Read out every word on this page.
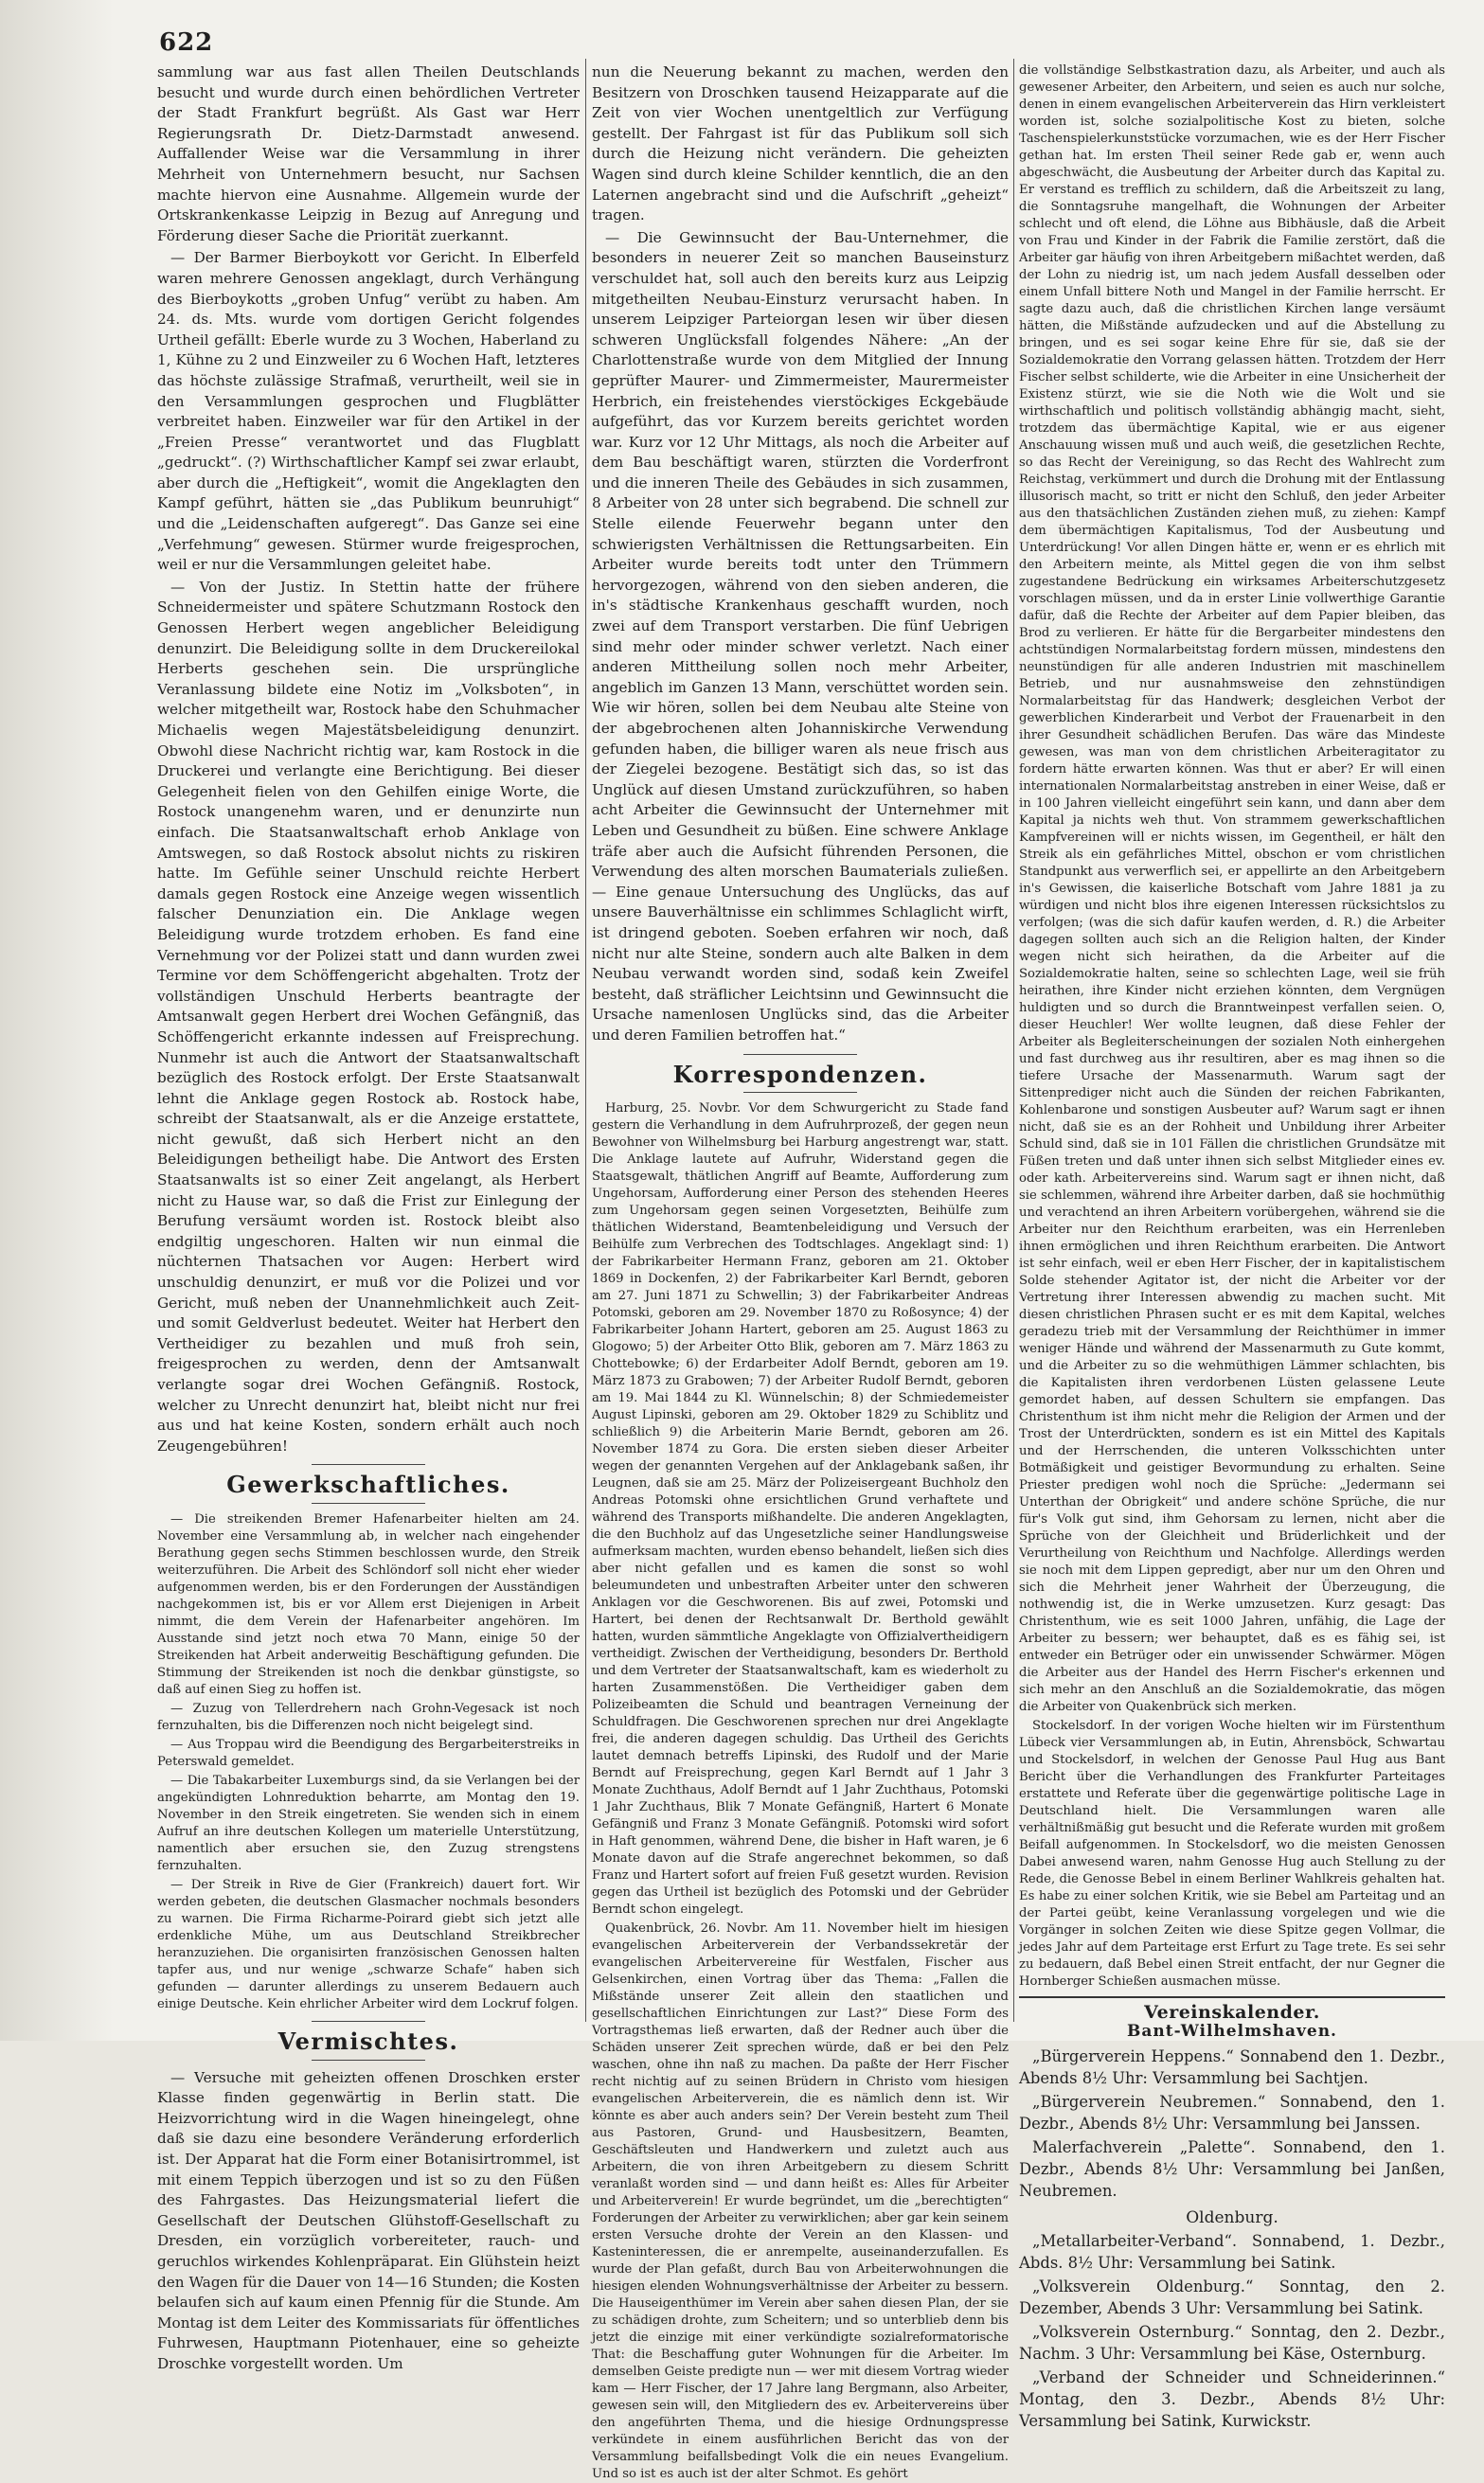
622

sammlung war aus fast allen Theilen Deutschlands besucht und wurde durch einen behördlichen Vertreter der Stadt Frankfurt begrüßt. Als Gast war Herr Regierungsrath Dr. Dietz-Darmstadt anwesend. Auffallender Weise war die Versammlung in ihrer Mehrheit von Unternehmern besucht, nur Sachsen machte hiervon eine Ausnahme. Allgemein wurde der Ortskrankenkasse Leipzig in Bezug auf Anregung und Förderung dieser Sache die Priorität zuerkannt.

— Der Barmer Bierboykott vor Gericht. In Elberfeld waren mehrere Genossen angeklagt, durch Verhängung des Bierboykotts „groben Unfug“ verübt zu haben. Am 24. ds. Mts. wurde vom dortigen Gericht folgendes Urtheil gefällt: Eberle wurde zu 3 Wochen, Haberland zu 1, Kühne zu 2 und Einzweiler zu 6 Wochen Haft, letzteres das höchste zulässige Strafmaß, verurtheilt, weil sie in den Versammlungen gesprochen und Flugblätter verbreitet haben. Einzweiler war für den Artikel in der „Freien Presse“ verantwortet und das Flugblatt „gedruckt“. (?) Wirthschaftlicher Kampf sei zwar erlaubt, aber durch die „Heftigkeit“, womit die Angeklagten den Kampf geführt, hätten sie „das Publikum beunruhigt“ und die „Leidenschaften aufgeregt“. Das Ganze sei eine „Verfehmung“ gewesen. Stürmer wurde freigesprochen, weil er nur die Versammlungen geleitet habe.

— Von der Justiz. In Stettin hatte der frühere Schneidermeister und spätere Schutzmann Rostock den Genossen Herbert wegen angeblicher Beleidigung denunzirt. Die Beleidigung sollte in dem Druckereilokal Herberts geschehen sein. Die ursprüngliche Veranlassung bildete eine Notiz im „Volksboten“, in welcher mitgetheilt war, Rostock habe den Schuhmacher Michaelis wegen Majestätsbeleidigung denunzirt. Obwohl diese Nachricht richtig war, kam Rostock in die Druckerei und verlangte eine Berichtigung. Bei dieser Gelegenheit fielen von den Gehilfen einige Worte, die Rostock unangenehm waren, und er denunzirte nun einfach. Die Staatsanwaltschaft erhob Anklage von Amtswegen, so daß Rostock absolut nichts zu riskiren hatte. Im Gefühle seiner Unschuld reichte Herbert damals gegen Rostock eine Anzeige wegen wissentlich falscher Denunziation ein. Die Anklage wegen Beleidigung wurde trotzdem erhoben. Es fand eine Vernehmung vor der Polizei statt und dann wurden zwei Termine vor dem Schöffengericht abgehalten. Trotz der vollständigen Unschuld Herberts beantragte der Amtsanwalt gegen Herbert drei Wochen Gefängniß, das Schöffengericht erkannte indessen auf Freisprechung. Nunmehr ist auch die Antwort der Staatsanwaltschaft bezüglich des Rostock erfolgt. Der Erste Staatsanwalt lehnt die Anklage gegen Rostock ab. Rostock habe, schreibt der Staatsanwalt, als er die Anzeige erstattete, nicht gewußt, daß sich Herbert nicht an den Beleidigungen betheiligt habe. Die Antwort des Ersten Staatsanwalts ist so einer Zeit angelangt, als Herbert nicht zu Hause war, so daß die Frist zur Einlegung der Berufung versäumt worden ist. Rostock bleibt also endgiltig ungeschoren. Halten wir nun einmal die nüchternen Thatsachen vor Augen: Herbert wird unschuldig denunzirt, er muß vor die Polizei und vor Gericht, muß neben der Unannehmlichkeit auch Zeit- und somit Geldverlust bedeutet. Weiter hat Herbert den Vertheidiger zu bezahlen und muß froh sein, freigesprochen zu werden, denn der Amtsanwalt verlangte sogar drei Wochen Gefängniß. Rostock, welcher zu Unrecht denunzirt hat, bleibt nicht nur frei aus und hat keine Kosten, sondern erhält auch noch Zeugengebühren!

Gewerkschaftliches.

— Die streikenden Bremer Hafenarbeiter hielten am 24. November eine Versammlung ab, in welcher nach eingehender Berathung gegen sechs Stimmen beschlossen wurde, den Streik weiterzuführen. Die Arbeit des Schlöndorf soll nicht eher wieder aufgenommen werden, bis er den Forderungen der Ausständigen nachgekommen ist, bis er vor Allem erst Diejenigen in Arbeit nimmt, die dem Verein der Hafenarbeiter angehören. Im Ausstande sind jetzt noch etwa 70 Mann, einige 50 der Streikenden hat Arbeit anderweitig Beschäftigung gefunden. Die Stimmung der Streikenden ist noch die denkbar günstigste, so daß auf einen Sieg zu hoffen ist.

— Zuzug von Tellerdrehern nach Grohn-Vegesack ist noch fernzuhalten, bis die Differenzen noch nicht beigelegt sind.

— Aus Troppau wird die Beendigung des Bergarbeiterstreiks in Peterswald gemeldet.

— Die Tabakarbeiter Luxemburgs sind, da sie Verlangen bei der angekündigten Lohnreduktion beharrte, am Montag den 19. November in den Streik eingetreten. Sie wenden sich in einem Aufruf an ihre deutschen Kollegen um materielle Unterstützung, namentlich aber ersuchen sie, den Zuzug strengstens fernzuhalten.

— Der Streik in Rive de Gier (Frankreich) dauert fort. Wir werden gebeten, die deutschen Glasmacher nochmals besonders zu warnen. Die Firma Richarme-Poirard giebt sich jetzt alle erdenkliche Mühe, um aus Deutschland Streikbrecher heranzuziehen. Die organisirten französischen Genossen halten tapfer aus, und nur wenige „schwarze Schafe“ haben sich gefunden — darunter allerdings zu unserem Bedauern auch einige Deutsche. Kein ehrlicher Arbeiter wird dem Lockruf folgen.

Vermischtes.

— Versuche mit geheizten offenen Droschken erster Klasse finden gegenwärtig in Berlin statt. Die Heizvorrichtung wird in die Wagen hineingelegt, ohne daß sie dazu eine besondere Veränderung erforderlich ist. Der Apparat hat die Form einer Botanisirtrommel, ist mit einem Teppich überzogen und ist so zu den Füßen des Fahrgastes. Das Heizungsmaterial liefert die Gesellschaft der Deutschen Glühstoff-Gesellschaft zu Dresden, ein vorzüglich vorbereiteter, rauch- und geruchlos wirkendes Kohlenpräparat. Ein Glühstein heizt den Wagen für die Dauer von 14—16 Stunden; die Kosten belaufen sich auf kaum einen Pfennig für die Stunde. Am Montag ist dem Leiter des Kommissariats für öffentliches Fuhrwesen, Hauptmann Piotenhauer, eine so geheizte Droschke vorgestellt worden. Um

nun die Neuerung bekannt zu machen, werden den Besitzern von Droschken tausend Heizapparate auf die Zeit von vier Wochen unentgeltlich zur Verfügung gestellt. Der Fahrgast ist für das Publikum soll sich durch die Heizung nicht verändern. Die geheizten Wagen sind durch kleine Schilder kenntlich, die an den Laternen angebracht sind und die Aufschrift „geheizt“ tragen.

— Die Gewinnsucht der Bau-Unternehmer, die besonders in neuerer Zeit so manchen Bauseinsturz verschuldet hat, soll auch den bereits kurz aus Leipzig mitgetheilten Neubau-Einsturz verursacht haben. In unserem Leipziger Parteiorgan lesen wir über diesen schweren Unglücksfall folgendes Nähere: „An der Charlottenstraße wurde von dem Mitglied der Innung geprüfter Maurer- und Zimmermeister, Maurermeister Herbrich, ein freistehendes vierstöckiges Eckgebäude aufgeführt, das vor Kurzem bereits gerichtet worden war. Kurz vor 12 Uhr Mittags, als noch die Arbeiter auf dem Bau beschäftigt waren, stürzten die Vorderfront und die inneren Theile des Gebäudes in sich zusammen, 8 Arbeiter von 28 unter sich begrabend. Die schnell zur Stelle eilende Feuerwehr begann unter den schwierigsten Verhältnissen die Rettungsarbeiten. Ein Arbeiter wurde bereits todt unter den Trümmern hervorgezogen, während von den sieben anderen, die in's städtische Krankenhaus geschafft wurden, noch zwei auf dem Transport verstarben. Die fünf Uebrigen sind mehr oder minder schwer verletzt. Nach einer anderen Mittheilung sollen noch mehr Arbeiter, angeblich im Ganzen 13 Mann, verschüttet worden sein. Wie wir hören, sollen bei dem Neubau alte Steine von der abgebrochenen alten Johanniskirche Verwendung gefunden haben, die billiger waren als neue frisch aus der Ziegelei bezogene. Bestätigt sich das, so ist das Unglück auf diesen Umstand zurückzuführen, so haben acht Arbeiter die Gewinnsucht der Unternehmer mit Leben und Gesundheit zu büßen. Eine schwere Anklage träfe aber auch die Aufsicht führenden Personen, die Verwendung des alten morschen Baumaterials zuließen. — Eine genaue Untersuchung des Unglücks, das auf unsere Bauverhältnisse ein schlimmes Schlaglicht wirft, ist dringend geboten. Soeben erfahren wir noch, daß nicht nur alte Steine, sondern auch alte Balken in dem Neubau verwandt worden sind, sodaß kein Zweifel besteht, daß sträflicher Leichtsinn und Gewinnsucht die Ursache namenlosen Unglücks sind, das die Arbeiter und deren Familien betroffen hat.“

Korrespondenzen.

Harburg, 25. Novbr. Vor dem Schwurgericht zu Stade fand gestern die Verhandlung in dem Aufruhrprozeß, der gegen neun Bewohner von Wilhelmsburg bei Harburg angestrengt war, statt. Die Anklage lautete auf Aufruhr, Widerstand gegen die Staatsgewalt, thätlichen Angriff auf Beamte, Aufforderung zum Ungehorsam, Aufforderung einer Person des stehenden Heeres zum Ungehorsam gegen seinen Vorgesetzten, Beihülfe zum thätlichen Widerstand, Beamtenbeleidigung und Versuch der Beihülfe zum Verbrechen des Todtschlages. Angeklagt sind: 1) der Fabrikarbeiter Hermann Franz, geboren am 21. Oktober 1869 in Dockenfen, 2) der Fabrikarbeiter Karl Berndt, geboren am 27. Juni 1871 zu Schwellin; 3) der Fabrikarbeiter Andreas Potomski, geboren am 29. November 1870 zu Roßosynce; 4) der Fabrikarbeiter Johann Hartert, geboren am 25. August 1863 zu Glogowo; 5) der Arbeiter Otto Blik, geboren am 7. März 1863 zu Chottebowke; 6) der Erdarbeiter Adolf Berndt, geboren am 19. März 1873 zu Grabowen; 7) der Arbeiter Rudolf Berndt, geboren am 19. Mai 1844 zu Kl. Wünnelschin; 8) der Schmiedemeister August Lipinski, geboren am 29. Oktober 1829 zu Schiblitz und schließlich 9) die Arbeiterin Marie Berndt, geboren am 26. November 1874 zu Gora. Die ersten sieben dieser Arbeiter wegen der genannten Vergehen auf der Anklagebank saßen, ihr Leugnen, daß sie am 25. März der Polizeisergeant Buchholz den Andreas Potomski ohne ersichtlichen Grund verhaftete und während des Transports mißhandelte. Die anderen Angeklagten, die den Buchholz auf das Ungesetzliche seiner Handlungsweise aufmerksam machten, wurden ebenso behandelt, ließen sich dies aber nicht gefallen und es kamen die sonst so wohl beleumundeten und unbestraften Arbeiter unter den schweren Anklagen vor die Geschworenen. Bis auf zwei, Potomski und Hartert, bei denen der Rechtsanwalt Dr. Berthold gewählt hatten, wurden sämmtliche Angeklagte von Offizialvertheidigern vertheidigt. Zwischen der Vertheidigung, besonders Dr. Berthold und dem Vertreter der Staatsanwaltschaft, kam es wiederholt zu harten Zusammenstößen. Die Vertheidiger gaben dem Polizeibeamten die Schuld und beantragen Verneinung der Schuldfragen. Die Geschworenen sprechen nur drei Angeklagte frei, die anderen dagegen schuldig. Das Urtheil des Gerichts lautet demnach betreffs Lipinski, des Rudolf und der Marie Berndt auf Freisprechung, gegen Karl Berndt auf 1 Jahr 3 Monate Zuchthaus, Adolf Berndt auf 1 Jahr Zuchthaus, Potomski 1 Jahr Zuchthaus, Blik 7 Monate Gefängniß, Hartert 6 Monate Gefängniß und Franz 3 Monate Gefängniß. Potomski wird sofort in Haft genommen, während Dene, die bisher in Haft waren, je 6 Monate davon auf die Strafe angerechnet bekommen, so daß Franz und Hartert sofort auf freien Fuß gesetzt wurden. Revision gegen das Urtheil ist bezüglich des Potomski und der Gebrüder Berndt schon eingelegt.

Quakenbrück, 26. Novbr. Am 11. November hielt im hiesigen evangelischen Arbeiterverein der Verbandssekretär der evangelischen Arbeitervereine für Westfalen, Fischer aus Gelsenkirchen, einen Vortrag über das Thema: „Fallen die Mißstände unserer Zeit allein den staatlichen und gesellschaftlichen Einrichtungen zur Last?“ Diese Form des Vortragsthemas ließ erwarten, daß der Redner auch über die Schäden unserer Zeit sprechen würde, daß er bei den Pelz waschen, ohne ihn naß zu machen. Da paßte der Herr Fischer recht nichtig auf zu seinen Brüdern in Christo vom hiesigen evangelischen Arbeiterverein, die es nämlich denn ist. Wir könnte es aber auch anders sein? Der Verein besteht zum Theil aus Pastoren, Grund- und Hausbesitzern, Beamten, Geschäftsleuten und Handwerkern und zuletzt auch aus Arbeitern, die von ihren Arbeitgebern zu diesem Schritt veranlaßt worden sind — und dann heißt es: Alles für Arbeiter und Arbeiterverein! Er wurde begründet, um die „berechtigten“ Forderungen der Arbeiter zu verwirklichen; aber gar kein seinem ersten Versuche drohte der Verein an den Klassen- und Kasteninteressen, die er anrempelte, auseinanderzufallen. Es wurde der Plan gefaßt, durch Bau von Arbeiterwohnungen die hiesigen elenden Wohnungsverhältnisse der Arbeiter zu bessern. Die Hauseigenthümer im Verein aber sahen diesen Plan, der sie zu schädigen drohte, zum Scheitern; und so unterblieb denn bis jetzt die einzige mit einer verkündigte sozialreformatorische That: die Beschaffung guter Wohnungen für die Arbeiter. Im demselben Geiste predigte nun — wer mit diesem Vortrag wieder kam — Herr Fischer, der 17 Jahre lang Bergmann, also Arbeiter, gewesen sein will, den Mitgliedern des ev. Arbeitervereins über den angeführten Thema, und die hiesige Ordnungspresse verkündete in einem ausführlichen Bericht das von der Versammlung beifallsbedingt Volk die ein neues Evangelium. Und so ist es auch ist der alter Schmot. Es gehört

die vollständige Selbstkastration dazu, als Arbeiter, und auch als gewesener Arbeiter, den Arbeitern, und seien es auch nur solche, denen in einem evangelischen Arbeiterverein das Hirn verkleistert worden ist, solche sozialpolitische Kost zu bieten, solche Taschenspielerkunststücke vorzumachen, wie es der Herr Fischer gethan hat. Im ersten Theil seiner Rede gab er, wenn auch abgeschwächt, die Ausbeutung der Arbeiter durch das Kapital zu. Er verstand es trefflich zu schildern, daß die Arbeitszeit zu lang, die Sonntagsruhe mangelhaft, die Wohnungen der Arbeiter schlecht und oft elend, die Löhne aus Bibhäusle, daß die Arbeit von Frau und Kinder in der Fabrik die Familie zerstört, daß die Arbeiter gar häufig von ihren Arbeitgebern mißachtet werden, daß der Lohn zu niedrig ist, um nach jedem Ausfall desselben oder einem Unfall bittere Noth und Mangel in der Familie herrscht. Er sagte dazu auch, daß die christlichen Kirchen lange versäumt hätten, die Mißstände aufzudecken und auf die Abstellung zu bringen, und es sei sogar keine Ehre für sie, daß sie der Sozialdemokratie den Vorrang gelassen hätten. Trotzdem der Herr Fischer selbst schilderte, wie die Arbeiter in eine Unsicherheit der Existenz stürzt, wie sie die Noth wie die Wolt und sie wirthschaftlich und politisch vollständig abhängig macht, sieht, trotzdem das übermächtige Kapital, wie er aus eigener Anschauung wissen muß und auch weiß, die gesetzlichen Rechte, so das Recht der Vereinigung, so das Recht des Wahlrecht zum Reichstag, verkümmert und durch die Drohung mit der Entlassung illusorisch macht, so tritt er nicht den Schluß, den jeder Arbeiter aus den thatsächlichen Zuständen ziehen muß, zu ziehen: Kampf dem übermächtigen Kapitalismus, Tod der Ausbeutung und Unterdrückung! Vor allen Dingen hätte er, wenn er es ehrlich mit den Arbeitern meinte, als Mittel gegen die von ihm selbst zugestandene Bedrückung ein wirksames Arbeiterschutzgesetz vorschlagen müssen, und da in erster Linie vollwerthige Garantie dafür, daß die Rechte der Arbeiter auf dem Papier bleiben, das Brod zu verlieren. Er hätte für die Bergarbeiter mindestens den achtstündigen Normalarbeitstag fordern müssen, mindestens den neunstündigen für alle anderen Industrien mit maschinellem Betrieb, und nur ausnahmsweise den zehnstündigen Normalarbeitstag für das Handwerk; desgleichen Verbot der gewerblichen Kinderarbeit und Verbot der Frauenarbeit in den ihrer Gesundheit schädlichen Berufen. Das wäre das Mindeste gewesen, was man von dem christlichen Arbeiteragitator zu fordern hätte erwarten können. Was thut er aber? Er will einen internationalen Normalarbeitstag anstreben in einer Weise, daß er in 100 Jahren vielleicht eingeführt sein kann, und dann aber dem Kapital ja nichts weh thut. Von strammem gewerkschaftlichen Kampfvereinen will er nichts wissen, im Gegentheil, er hält den Streik als ein gefährliches Mittel, obschon er vom christlichen Standpunkt aus verwerflich sei, er appellirte an den Arbeitgebern in's Gewissen, die kaiserliche Botschaft vom Jahre 1881 ja zu würdigen und nicht blos ihre eigenen Interessen rücksichtslos zu verfolgen; (was die sich dafür kaufen werden, d. R.) die Arbeiter dagegen sollten auch sich an die Religion halten, der Kinder wegen nicht sich heirathen, da die Arbeiter auf die Sozialdemokratie halten, seine so schlechten Lage, weil sie früh heirathen, ihre Kinder nicht erziehen könnten, dem Vergnügen huldigten und so durch die Branntweinpest verfallen seien. O, dieser Heuchler! Wer wollte leugnen, daß diese Fehler der Arbeiter als Begleiterscheinungen der sozialen Noth einhergehen und fast durchweg aus ihr resultiren, aber es mag ihnen so die tiefere Ursache der Massenarmuth. Warum sagt der Sittenprediger nicht auch die Sünden der reichen Fabrikanten, Kohlenbarone und sonstigen Ausbeuter auf? Warum sagt er ihnen nicht, daß sie es an der Rohheit und Unbildung ihrer Arbeiter Schuld sind, daß sie in 101 Fällen die christlichen Grundsätze mit Füßen treten und daß unter ihnen sich selbst Mitglieder eines ev. oder kath. Arbeitervereins sind. Warum sagt er ihnen nicht, daß sie schlemmen, während ihre Arbeiter darben, daß sie hochmüthig und verachtend an ihren Arbeitern vorübergehen, während sie die Arbeiter nur den Reichthum erarbeiten, was ein Herrenleben ihnen ermöglichen und ihren Reichthum erarbeiten. Die Antwort ist sehr einfach, weil er eben Herr Fischer, der in kapitalistischem Solde stehender Agitator ist, der nicht die Arbeiter vor der Vertretung ihrer Interessen abwendig zu machen sucht. Mit diesen christlichen Phrasen sucht er es mit dem Kapital, welches geradezu trieb mit der Versammlung der Reichthümer in immer weniger Hände und während der Massenarmuth zu Gute kommt, und die Arbeiter zu so die wehmüthigen Lämmer schlachten, bis die Kapitalisten ihren verdorbenen Lüsten gelassene Leute gemordet haben, auf dessen Schultern sie empfangen. Das Christenthum ist ihm nicht mehr die Religion der Armen und der Trost der Unterdrückten, sondern es ist ein Mittel des Kapitals und der Herrschenden, die unteren Volksschichten unter Botmäßigkeit und geistiger Bevormundung zu erhalten. Seine Priester predigen wohl noch die Sprüche: „Jedermann sei Unterthan der Obrigkeit“ und andere schöne Sprüche, die nur für's Volk gut sind, ihm Gehorsam zu lernen, nicht aber die Sprüche von der Gleichheit und Brüderlichkeit und der Verurtheilung von Reichthum und Nachfolge. Allerdings werden sie noch mit dem Lippen gepredigt, aber nur um den Ohren und sich die Mehrheit jener Wahrheit der Überzeugung, die nothwendig ist, die in Werke umzusetzen. Kurz gesagt: Das Christenthum, wie es seit 1000 Jahren, unfähig, die Lage der Arbeiter zu bessern; wer behauptet, daß es es fähig sei, ist entweder ein Betrüger oder ein unwissender Schwärmer. Mögen die Arbeiter aus der Handel des Herrn Fischer's erkennen und sich mehr an den Anschluß an die Sozialdemokratie, das mögen die Arbeiter von Quakenbrück sich merken.

Stockelsdorf. In der vorigen Woche hielten wir im Fürstenthum Lübeck vier Versammlungen ab, in Eutin, Ahrensböck, Schwartau und Stockelsdorf, in welchen der Genosse Paul Hug aus Bant Bericht über die Verhandlungen des Frankfurter Parteitages erstattete und Referate über die gegenwärtige politische Lage in Deutschland hielt. Die Versammlungen waren alle verhältnißmäßig gut besucht und die Referate wurden mit großem Beifall aufgenommen. In Stockelsdorf, wo die meisten Genossen Dabei anwesend waren, nahm Genosse Hug auch Stellung zu der Rede, die Genosse Bebel in einem Berliner Wahlkreis gehalten hat. Es habe zu einer solchen Kritik, wie sie Bebel am Parteitag und an der Partei geübt, keine Veranlassung vorgelegen und wie die Vorgänger in solchen Zeiten wie diese Spitze gegen Vollmar, die jedes Jahr auf dem Parteitage erst Erfurt zu Tage trete. Es sei sehr zu bedauern, daß Bebel einen Streit entfacht, der nur Gegner die Hornberger Schießen ausmachen müsse.

Vereinskalender.
Bant-Wilhelmshaven.

„Bürgerverein Heppens.“ Sonnabend den 1. Dezbr., Abends 8½ Uhr: Versammlung bei Sachtjen.

„Bürgerverein Neubremen.“ Sonnabend, den 1. Dezbr., Abends 8½ Uhr: Versammlung bei Janssen.

Malerfachverein „Palette“. Sonnabend, den 1. Dezbr., Abends 8½ Uhr: Versammlung bei Janßen, Neubremen.

Oldenburg.

„Metallarbeiter-Verband“. Sonnabend, 1. Dezbr., Abds. 8½ Uhr: Versammlung bei Satink.

„Volksverein Oldenburg.“ Sonntag, den 2. Dezember, Abends 3 Uhr: Versammlung bei Satink.

„Volksverein Osternburg.“ Sonntag, den 2. Dezbr., Nachm. 3 Uhr: Versammlung bei Käse, Osternburg.

„Verband der Schneider und Schneiderinnen.“ Montag, den 3. Dezbr., Abends 8½ Uhr: Versammlung bei Satink, Kurwickstr.
